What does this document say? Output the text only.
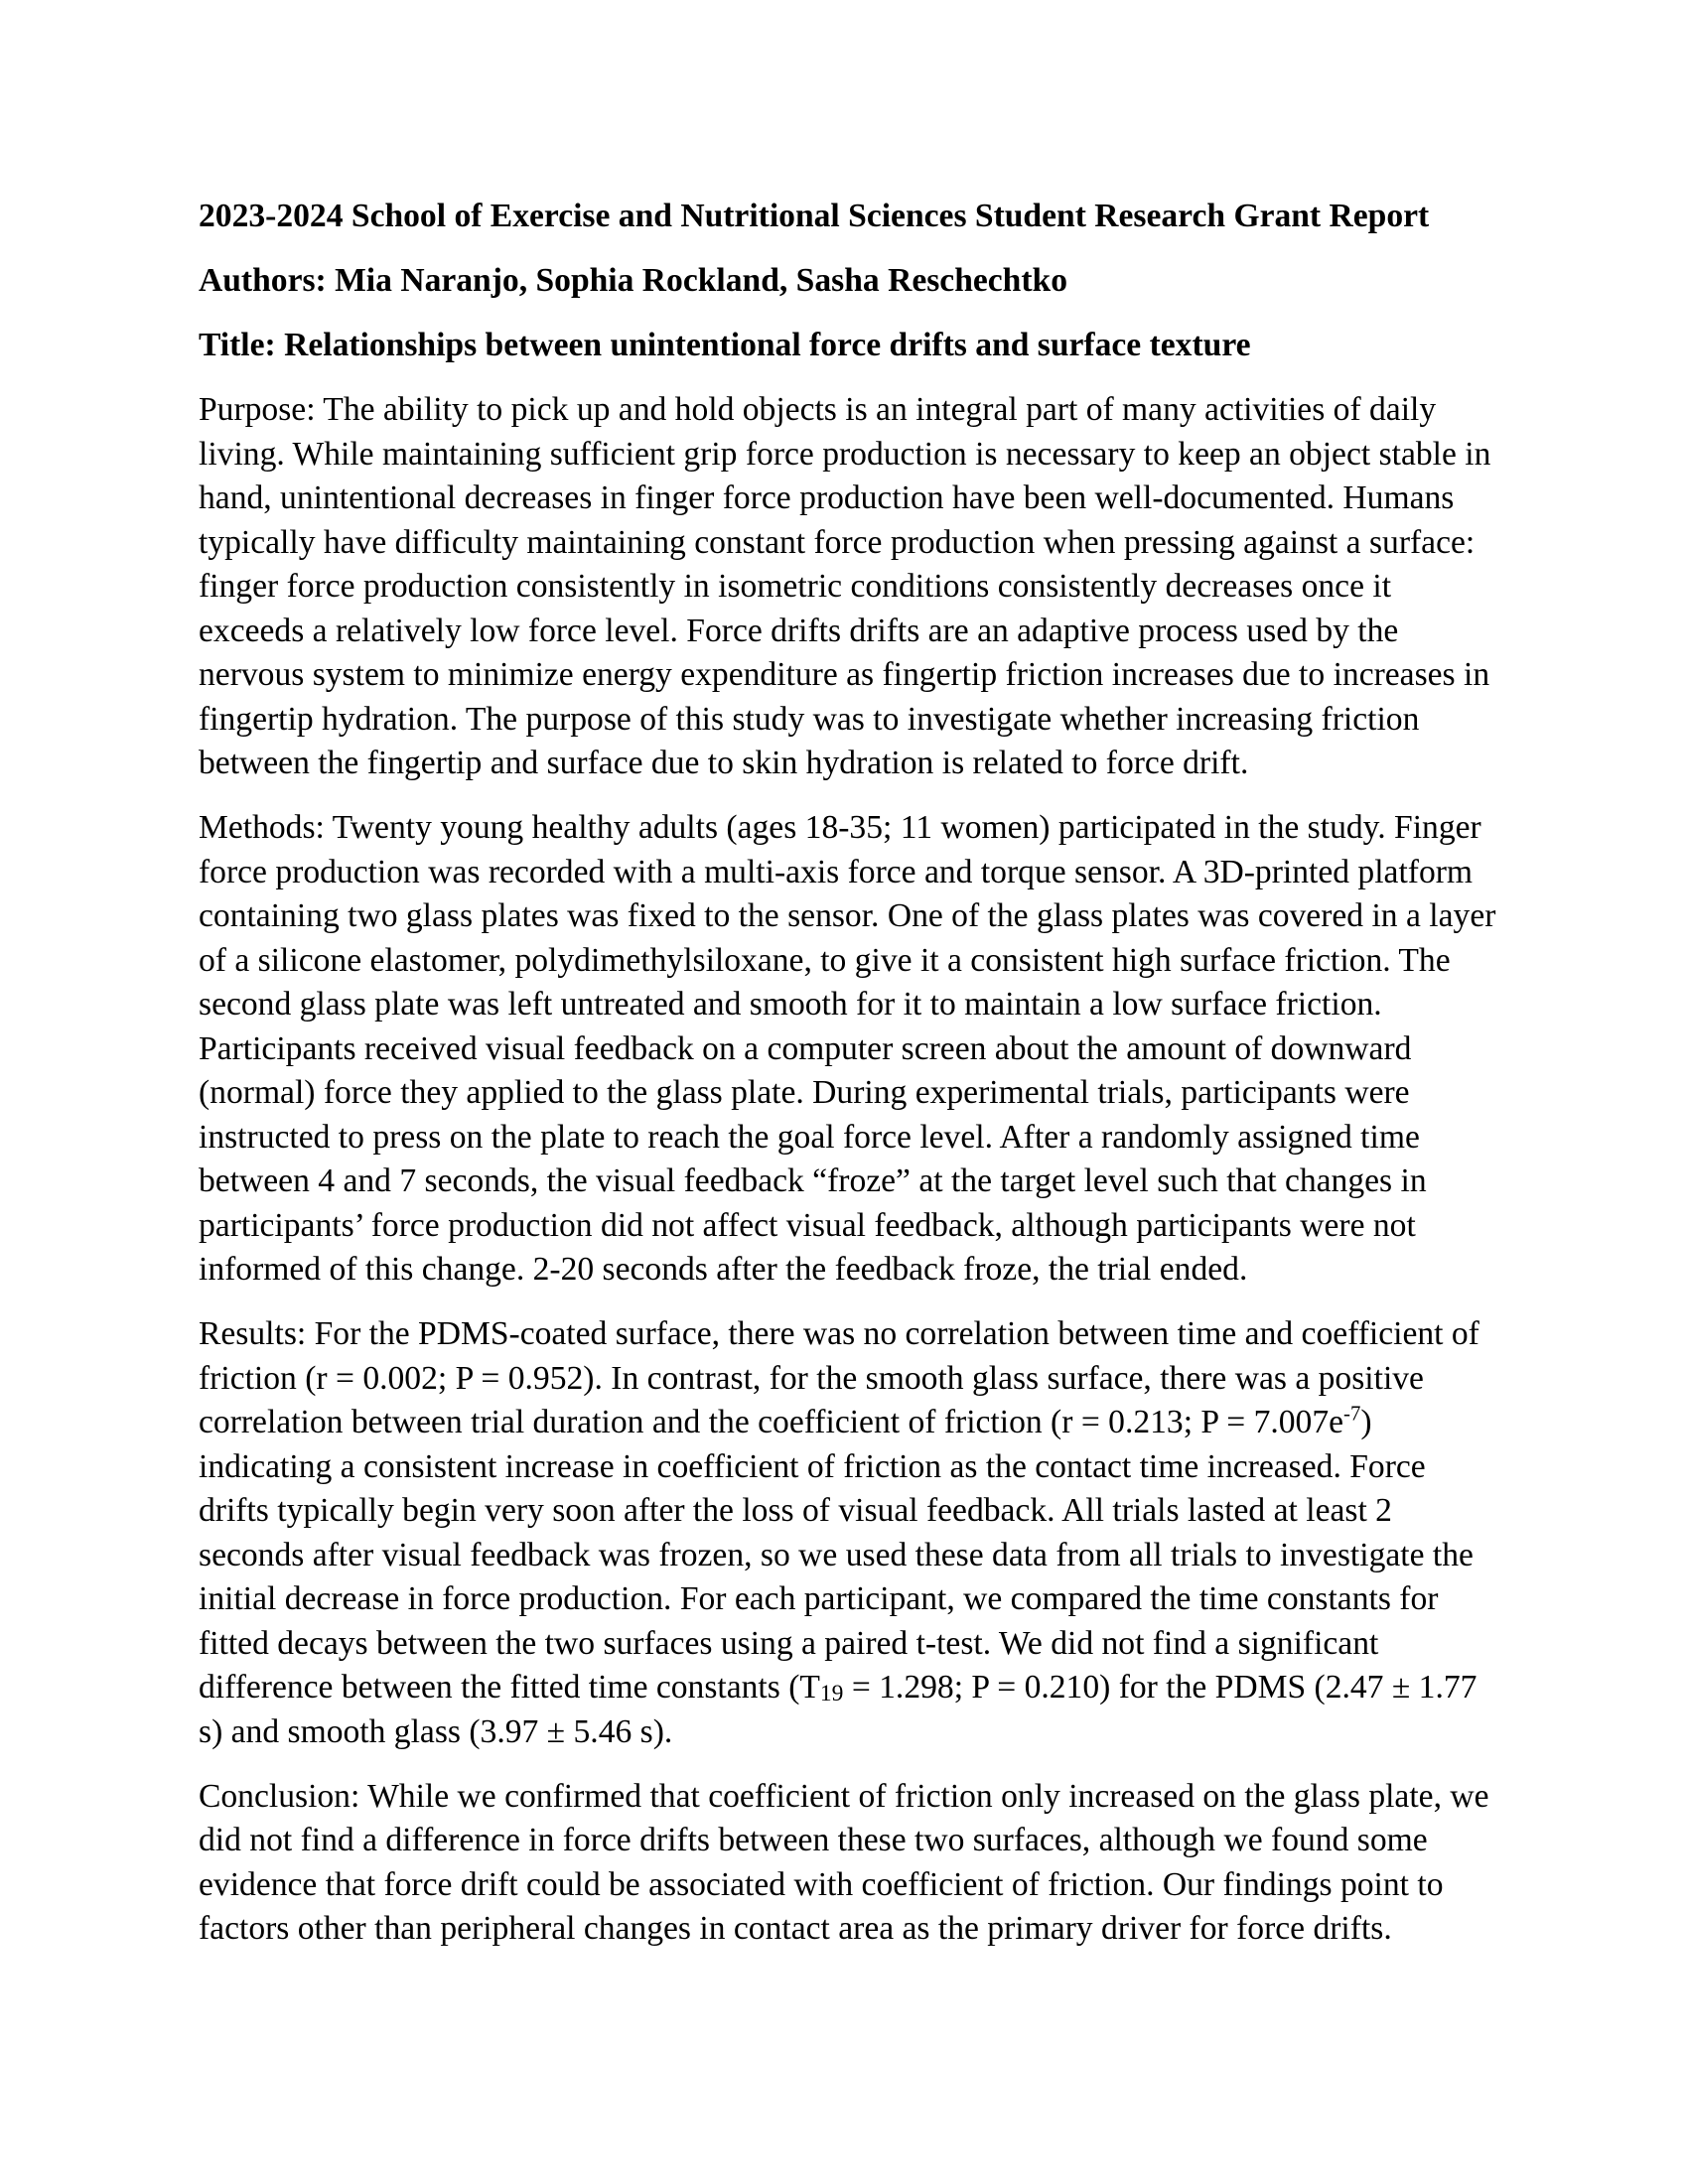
2023-2024 School of Exercise and Nutritional Sciences Student Research Grant Report
Authors: Mia Naranjo, Sophia Rockland, Sasha Reschechtko
Title: Relationships between unintentional force drifts and surface texture
Purpose: The ability to pick up and hold objects is an integral part of many activities of daily
living. While maintaining sufficient grip force production is necessary to keep an object stable in
hand, unintentional decreases in finger force production have been well-documented. Humans
typically have difficulty maintaining constant force production when pressing against a surface:
finger force production consistently in isometric conditions consistently decreases once it
exceeds a relatively low force level. Force drifts drifts are an adaptive process used by the
nervous system to minimize energy expenditure as fingertip friction increases due to increases in
fingertip hydration. The purpose of this study was to investigate whether increasing friction
between the fingertip and surface due to skin hydration is related to force drift.
Methods: Twenty young healthy adults (ages 18-35; 11 women) participated in the study. Finger
force production was recorded with a multi-axis force and torque sensor. A 3D-printed platform
containing two glass plates was fixed to the sensor. One of the glass plates was covered in a layer
of a silicone elastomer, polydimethylsiloxane, to give it a consistent high surface friction. The
second glass plate was left untreated and smooth for it to maintain a low surface friction.
Participants received visual feedback on a computer screen about the amount of downward
(normal) force they applied to the glass plate. During experimental trials, participants were
instructed to press on the plate to reach the goal force level. After a randomly assigned time
between 4 and 7 seconds, the visual feedback “froze” at the target level such that changes in
participants’ force production did not affect visual feedback, although participants were not
informed of this change. 2-20 seconds after the feedback froze, the trial ended.
Results: For the PDMS-coated surface, there was no correlation between time and coefficient of
friction (r = 0.002; P = 0.952). In contrast, for the smooth glass surface, there was a positive
correlation between trial duration and the coefficient of friction (r = 0.213; $P = 7.007e^{-7}$)
indicating a consistent increase in coefficient of friction as the contact time increased. Force
drifts typically begin very soon after the loss of visual feedback. All trials lasted at least 2
seconds after visual feedback was frozen, so we used these data from all trials to investigate the
initial decrease in force production. For each participant, we compared the time constants for
fitted decays between the two surfaces using a paired t-test. We did not find a significant
difference between the fitted time constants ($T_{19} = 1.298$; P = 0.210) for the PDMS (2.47 ± 1.77
s) and smooth glass (3.97 ± 5.46 s).
Conclusion: While we confirmed that coefficient of friction only increased on the glass plate, we
did not find a difference in force drifts between these two surfaces, although we found some
evidence that force drift could be associated with coefficient of friction. Our findings point to
factors other than peripheral changes in contact area as the primary driver for force drifts.
